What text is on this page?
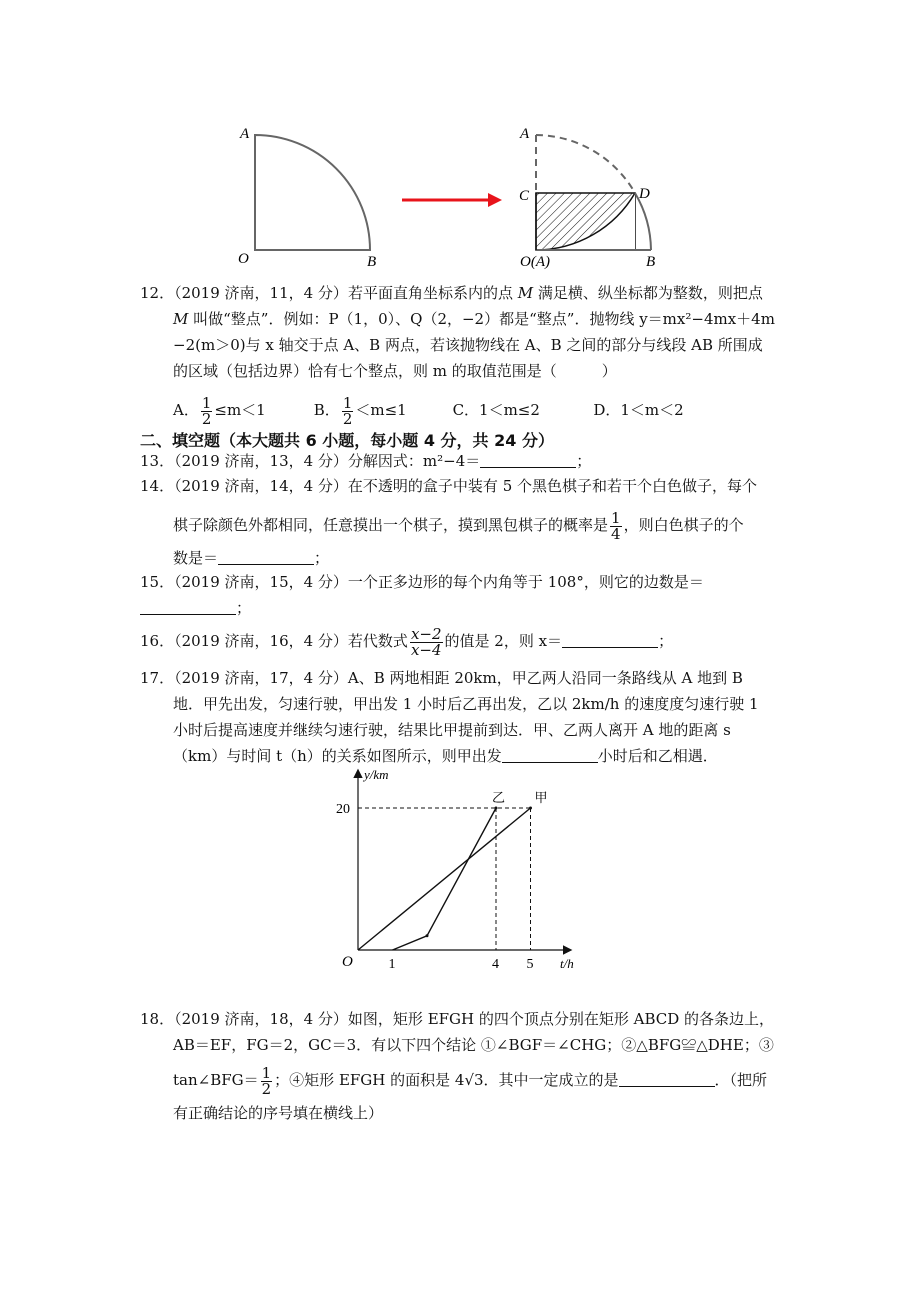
A
O	B
A
C	D
O(A)	B
12．（2019 济南，11，4 分）若平面直角坐标系内的点 M 满足横、纵坐标都为整数，则把点
M 叫做“整点”．例如：P（1，0）、Q（2，−2）都是“整点”．抛物线 y＝mx²−4mx＋4m
−2(m＞0)与 x 轴交于点 A、B 两点，若该抛物线在 A、B 之间的部分与线段 AB 所围成
的区域（包括边界）恰有七个整点，则 m 的取值范围是（　　　）
A． $\frac{1}{2} \le m<1$	B． $\frac{1}{2} <m\le 1$	C．1＜m≤2	D．1＜m＜2
二、填空题（本大题共 6 小题，每小题 4 分，共 24 分）
13．（2019 济南，13，4 分）分解因式：m²−4＝	；
14．（2019 济南，14，4 分）在不透明的盒子中装有 5 个黑色棋子和若干个白色做子，每个
棋子除颜色外都相同，任意摸出一个棋子，摸到黑包棋子的概率是 $\frac{1}{4}$ ，则白色棋子的个
数是＝	；
15．（2019 济南，15，4 分）一个正多边形的每个内角等于 108°，则它的边数是＝
；
16．（2019 济南，16，4 分）若代数式 $\frac{x-2}{x-4}$ 的值是 2，则 x＝	；
17．（2019 济南，17，4 分）A、B 两地相距 20km，甲乙两人沿同一条路线从 A 地到 B
地．甲先出发，匀速行驶，甲出发 1 小时后乙再出发，乙以 2km/h 的速度度匀速行驶 1
小时后提高速度并继续匀速行驶，结果比甲提前到达．甲、乙两人离开 A 地的距离 s
（km）与时间 t（h）的关系如图所示，则甲出发	小时后和乙相遇．
y/km
t/h
O
甲
乙
1	4 5
20
18．（2019 济南，18，4 分）如图，矩形 EFGH 的四个顶点分别在矩形 ABCD 的各条边上，
AB＝EF，FG＝2，GC＝3．有以下四个结论 ①∠BGF＝∠CHG；②△BFG≌△DHE；③
tan∠BFG＝ $\frac{1}{2}$ ；④矩形 EFGH 的面积是 4√3．其中一定成立的是	．（把所
有正确结论的序号填在横线上）
